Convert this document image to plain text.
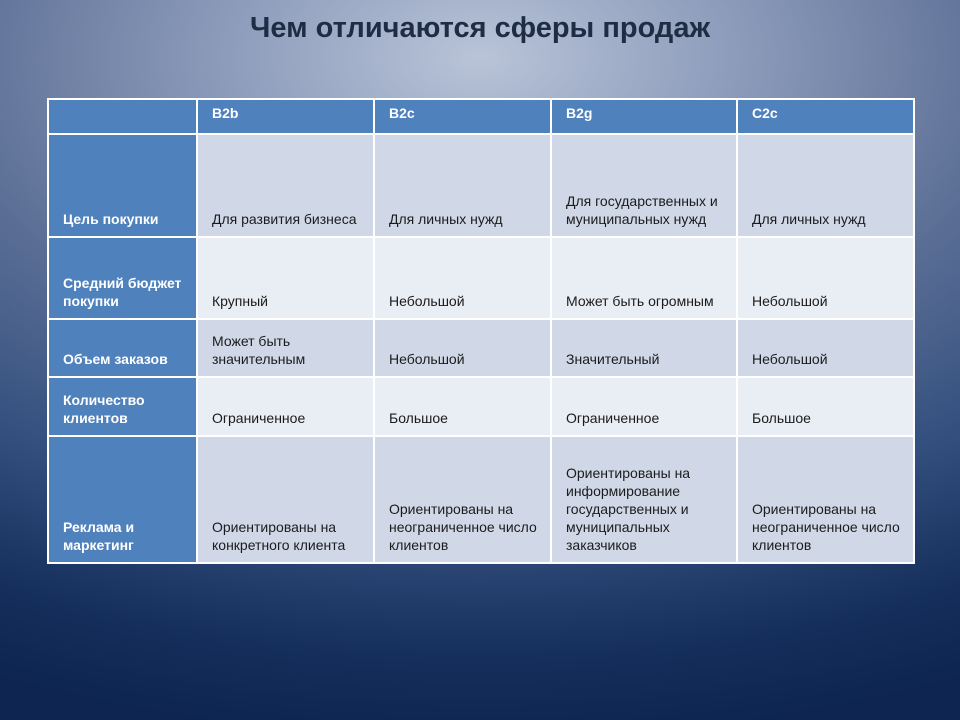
Чем отличаются сферы продаж
	B2b	B2c	B2g	C2c
Цель покупки	Для развития бизнеса	Для личных нужд	Для государственных и муниципальных нужд	Для личных нужд
Средний бюджет покупки	Крупный	Небольшой	Может быть огромным	Небольшой
Объем заказов	Может быть значительным	Небольшой	Значительный	Небольшой
Количество клиентов	Ограниченное	Большое	Ограниченное	Большое
Реклама и маркетинг	Ориентированы на конкретного клиента	Ориентированы на неограниченное число клиентов	Ориентированы на информирование государственных и муниципальных заказчиков	Ориентированы на неограниченное число клиентов
